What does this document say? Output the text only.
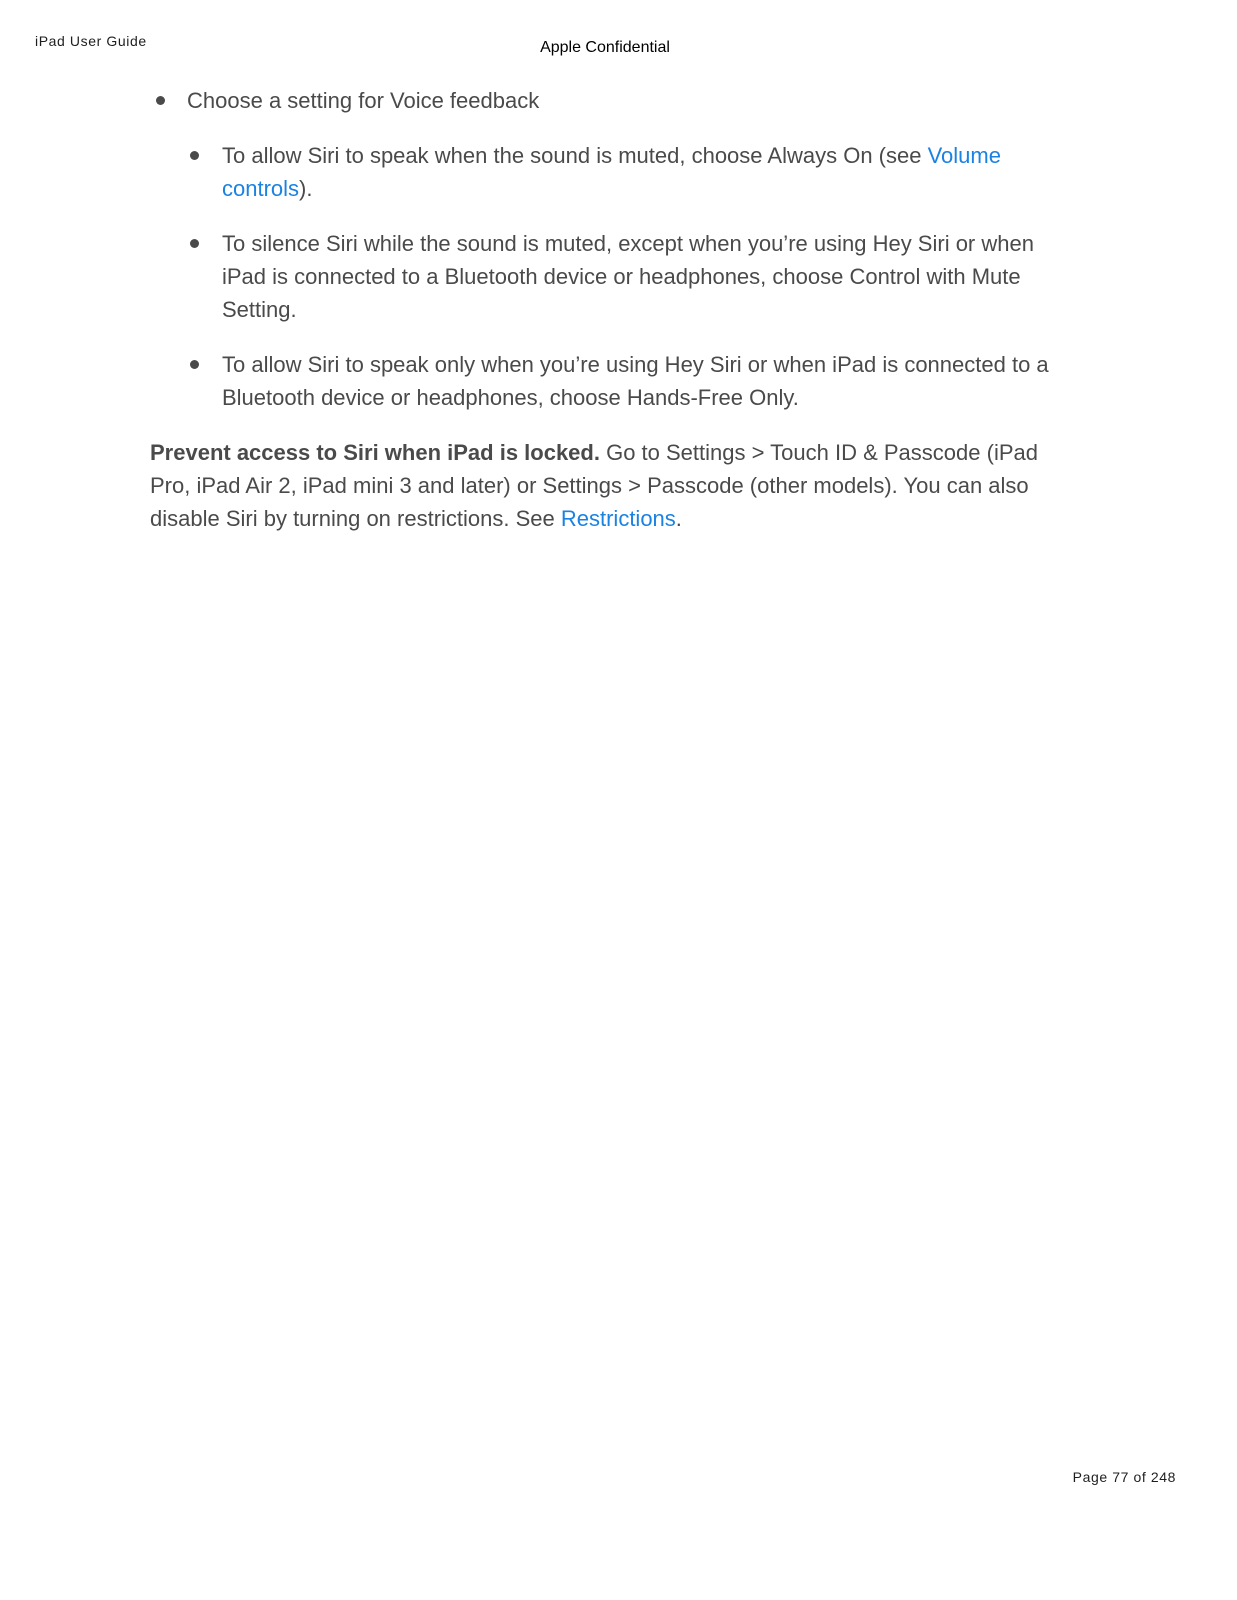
iPad User Guide	Apple Confidential
Choose a setting for Voice feedback
To allow Siri to speak when the sound is muted, choose Always On (see Volume controls).
To silence Siri while the sound is muted, except when you’re using Hey Siri or when iPad is connected to a Bluetooth device or headphones, choose Control with Mute Setting.
To allow Siri to speak only when you’re using Hey Siri or when iPad is connected to a Bluetooth device or headphones, choose Hands-Free Only.

Prevent access to Siri when iPad is locked. Go to Settings > Touch ID & Passcode (iPad Pro, iPad Air 2, iPad mini 3 and later) or Settings > Passcode (other models). You can also disable Siri by turning on restrictions. See Restrictions.

Page 77 of 248
